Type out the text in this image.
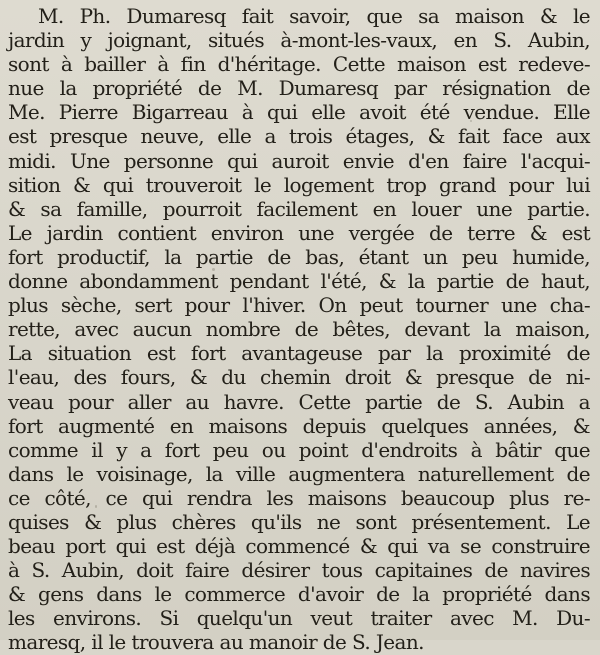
M. Ph. Dumaresq fait savoir, que sa maison & le
jardin y joignant, situés à-mont-les-vaux, en S. Aubin,
sont à bailler à fin d'héritage. Cette maison est redeve-
nue la propriété de M. Dumaresq par résignation de
Me. Pierre Bigarreau à qui elle avoit été vendue. Elle
est presque neuve, elle a trois étages, & fait face aux
midi. Une personne qui auroit envie d'en faire l'acqui-
sition & qui trouveroit le logement trop grand pour lui
& sa famille, pourroit facilement en louer une partie.
Le jardin contient environ une vergée de terre & est
fort productif, la partie de bas, étant un peu humide,
donne abondamment pendant l'été, & la partie de haut,
plus sèche, sert pour l'hiver. On peut tourner une cha-
rette, avec aucun nombre de bêtes, devant la maison,
La situation est fort avantageuse par la proximité de
l'eau, des fours, & du chemin droit & presque de ni-
veau pour aller au havre. Cette partie de S. Aubin a
fort augmenté en maisons depuis quelques années, &
comme il y a fort peu ou point d'endroits à bâtir que
dans le voisinage, la ville augmentera naturellement de
ce côté, ce qui rendra les maisons beaucoup plus re-
quises & plus chères qu'ils ne sont présentement. Le
beau port qui est déjà commencé & qui va se construire
à S. Aubin, doit faire désirer tous capitaines de navires
& gens dans le commerce d'avoir de la propriété dans
les environs. Si quelqu'un veut traiter avec M. Du-
maresq, il le trouvera au manoir de S. Jean.
